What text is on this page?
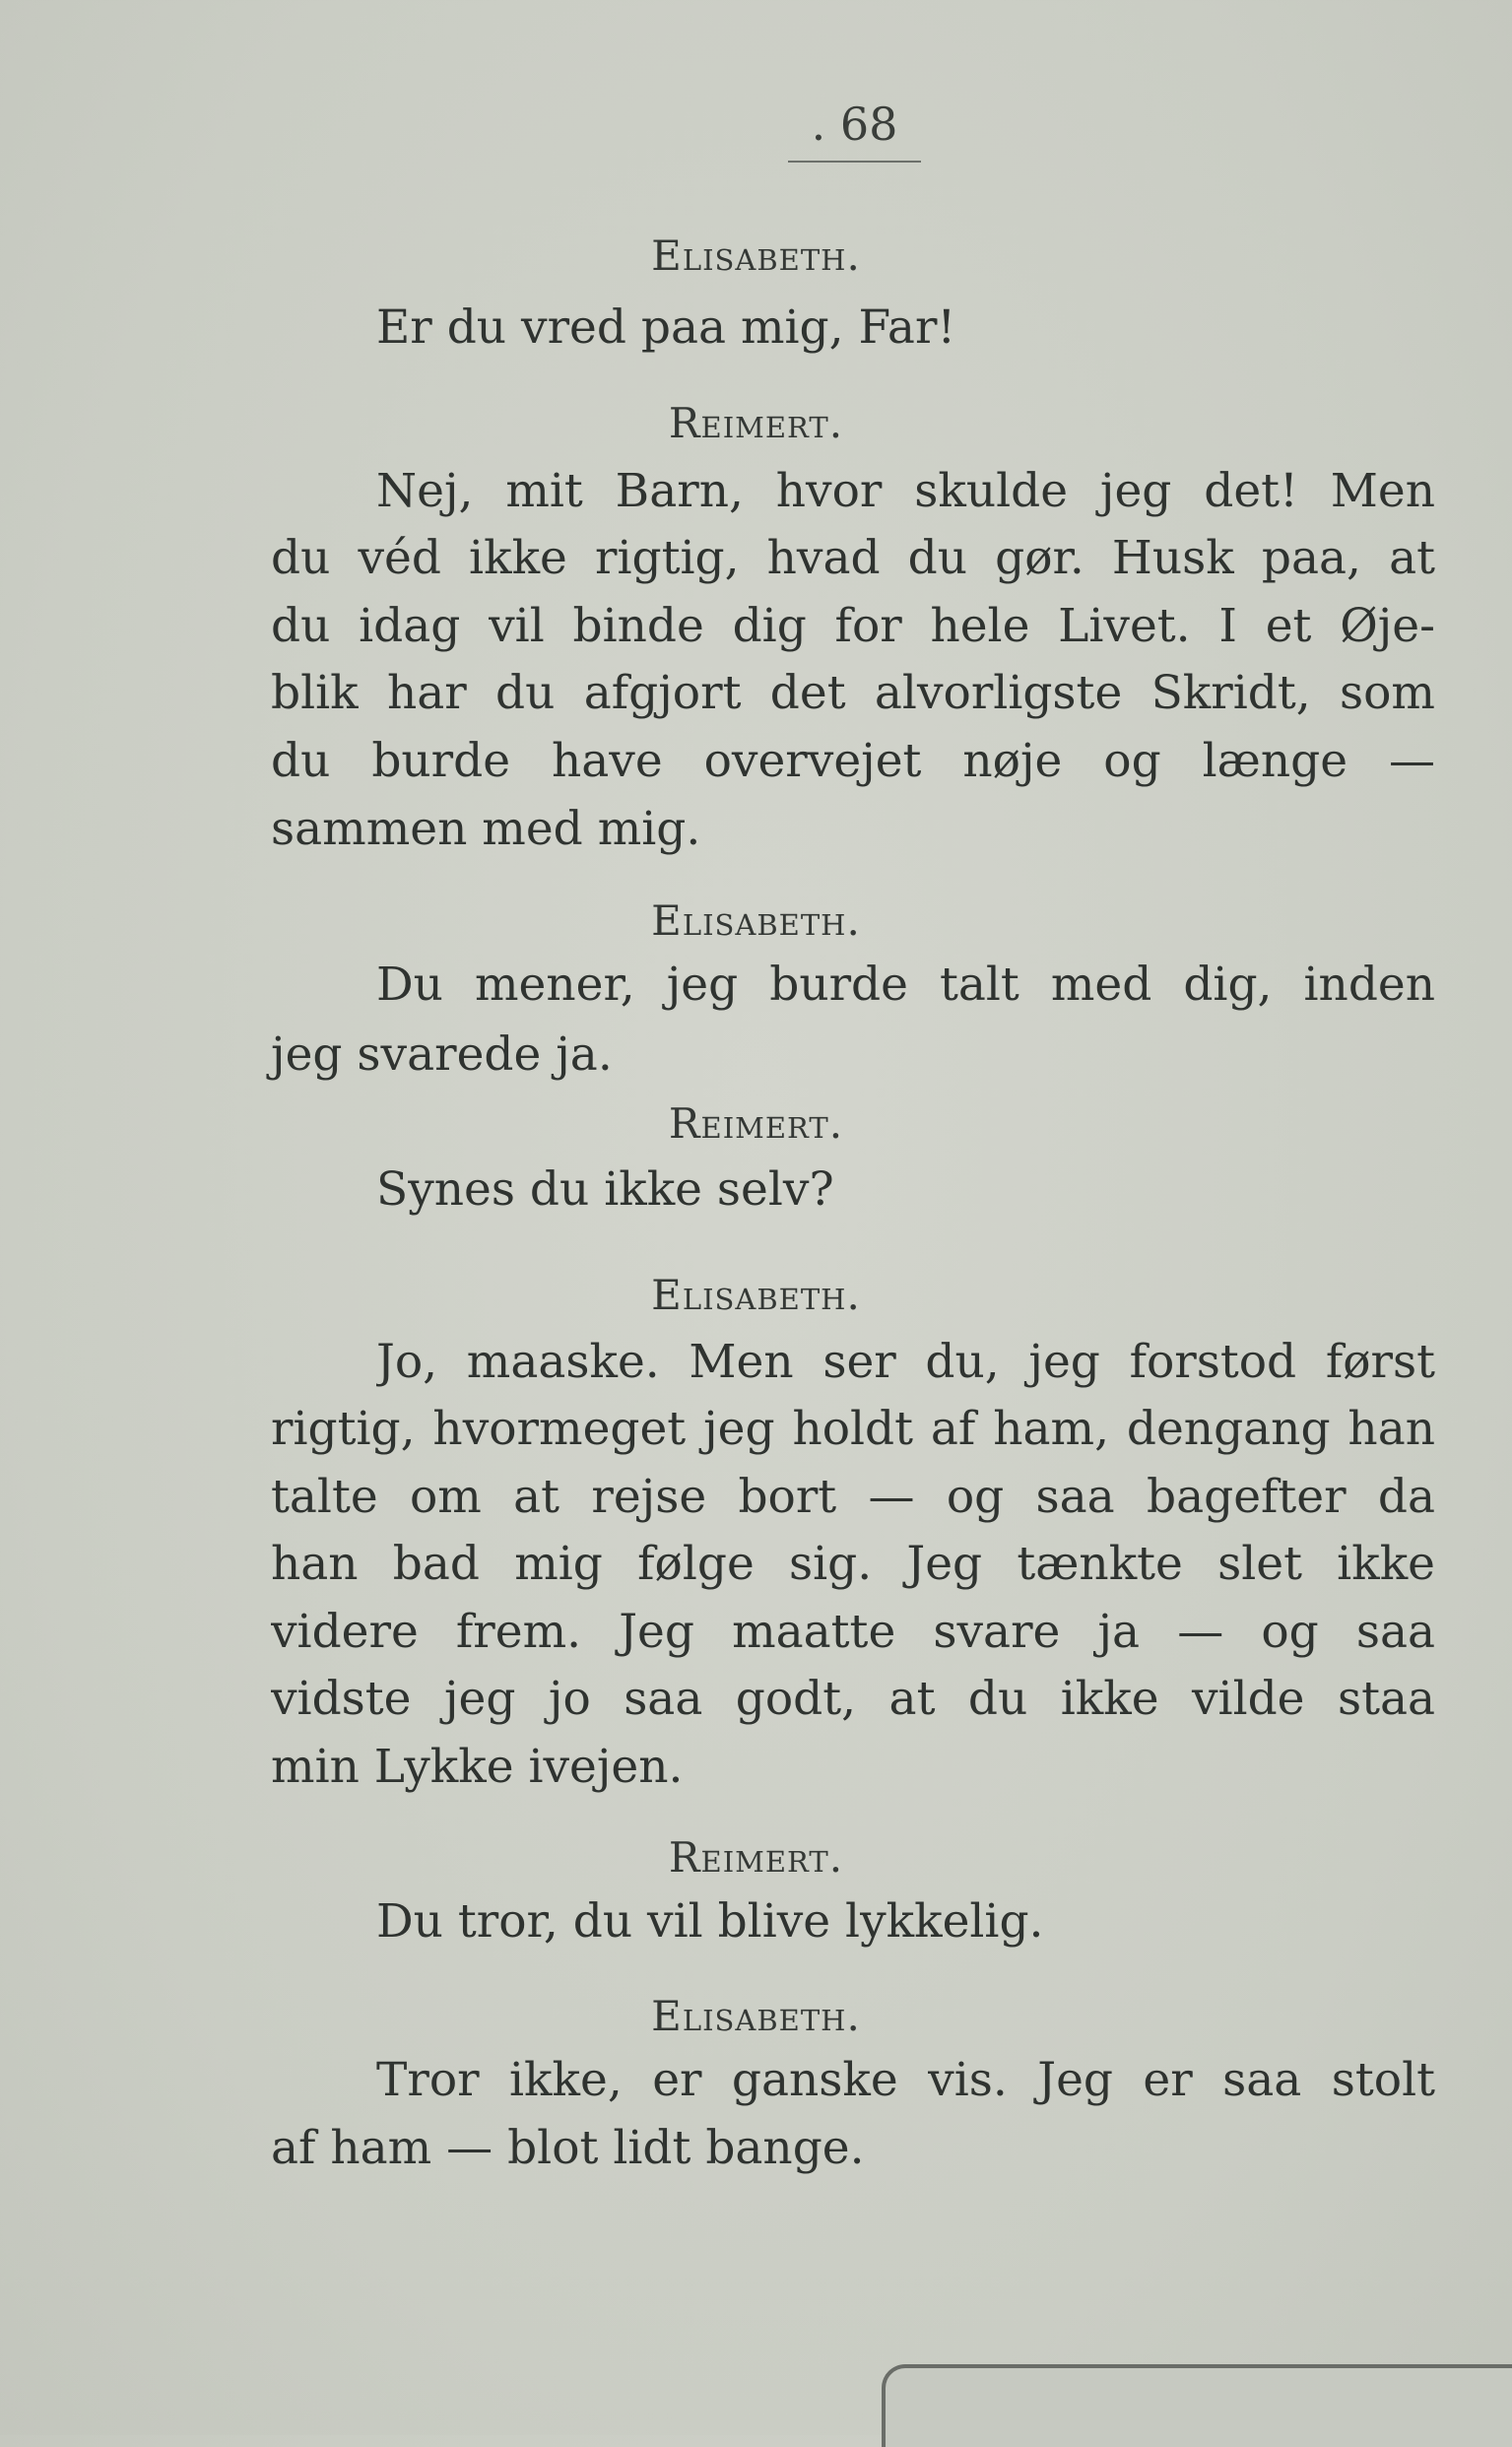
. 68
Elisabeth.
Er du vred paa mig, Far!
Reimert.
Nej, mit Barn, hvor skulde jeg det! Men
du véd ikke rigtig, hvad du gør. Husk paa, at
du idag vil binde dig for hele Livet. I et Øje-
blik har du afgjort det alvorligste Skridt, som
du burde have overvejet nøje og længe —
sammen med mig.
Elisabeth.
Du mener, jeg burde talt med dig, inden
jeg svarede ja.
Reimert.
Synes du ikke selv?
Elisabeth.
Jo, maaske. Men ser du, jeg forstod først
rigtig, hvormeget jeg holdt af ham, dengang han
talte om at rejse bort — og saa bagefter da
han bad mig følge sig. Jeg tænkte slet ikke
videre frem. Jeg maatte svare ja — og saa
vidste jeg jo saa godt, at du ikke vilde staa
min Lykke ivejen.
Reimert.
Du tror, du vil blive lykkelig.
Elisabeth.
Tror ikke, er ganske vis. Jeg er saa stolt
af ham — blot lidt bange.
